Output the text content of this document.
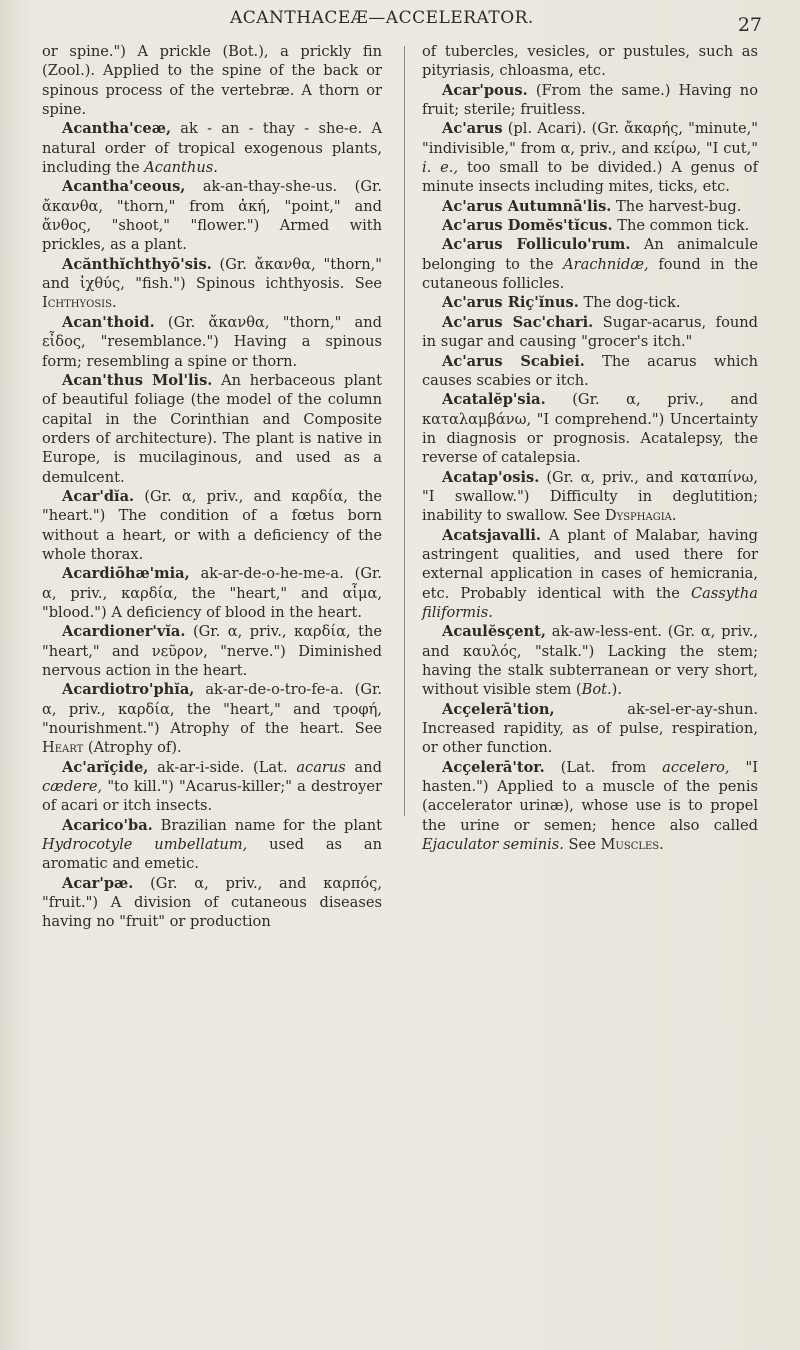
ACANTHACEÆ—ACCELERATOR.	27

or spine.") A prickle (Bot.), a prickly fin (Zool.). Applied to the spine of the back or spinous process of the vertebræ. A thorn or spine.

Acantha'ceæ, ak - an - thay - she-e. A natural order of tropical exogenous plants, including the Acanthus.

Acantha'ceous, ak-an-thay-she-us. (Gr. ἄκανθα, "thorn," from ἀκή, "point," and ἄνθος, "shoot," "flower.") Armed with prickles, as a plant.

Acănthĭchthyō'sis. (Gr. ἄκανθα, "thorn," and ἰχθύς, "fish.") Spinous ichthyosis. See Ichthyosis.

Acan'thoid. (Gr. ἄκανθα, "thorn," and εἶδος, "resemblance.") Having a spinous form; resembling a spine or thorn.

Acan'thus Mol'lis. An herbaceous plant of beautiful foliage (the model of the column capital in the Corinthian and Composite orders of architecture). The plant is native in Europe, is mucilaginous, and used as a demulcent.

Acar'dĭa. (Gr. α, priv., and καρδία, the "heart.") The condition of a fœtus born without a heart, or with a deficiency of the whole thorax.

Acardiōhæ'mia, ak-ar-de-o-he-me-a. (Gr. α, priv., καρδία, the "heart," and αἷμα, "blood.") A deficiency of blood in the heart.

Acardioner'vĭa. (Gr. α, priv., καρδία, the "heart," and νεῦρον, "nerve.") Diminished nervous action in the heart.

Acardiotro'phĭa, ak-ar-de-o-tro-fe-a. (Gr. α, priv., καρδία, the "heart," and τροφή, "nourishment.") Atrophy of the heart. See Heart (Atrophy of).

Ac'arĭçide, ak-ar-i-side. (Lat. acarus and cædere, "to kill.") "Acarus-killer;" a destroyer of acari or itch insects.

Acarico'ba. Brazilian name for the plant Hydrocotyle umbellatum, used as an aromatic and emetic.

Acar'pæ. (Gr. α, priv., and καρπός, "fruit.") A division of cutaneous diseases having no "fruit" or production

of tubercles, vesicles, or pustules, such as pityriasis, chloasma, etc.

Acar'pous. (From the same.) Having no fruit; sterile; fruitless.

Ac'arus (pl. Acari). (Gr. ἄκαρής, "minute," "indivisible," from α, priv., and κείρω, "I cut," i. e., too small to be divided.) A genus of minute insects including mites, ticks, etc.

Ac'arus Autumnā'lis. The harvest-bug.

Ac'arus Domĕs'tĭcus. The common tick.

Ac'arus Folliculo'rum. An animalcule belonging to the Arachnidæ, found in the cutaneous follicles.

Ac'arus Riç'ĭnus. The dog-tick.

Ac'arus Sac'chari. Sugar-acarus, found in sugar and causing "grocer's itch."

Ac'arus Scabiei. The acarus which causes scabies or itch.

Acatalĕp'sia. (Gr. α, priv., and καταλαμβάνω, "I comprehend.") Uncertainty in diagnosis or prognosis. Acatalepsy, the reverse of catalepsia.

Acatap'osis. (Gr. α, priv., and καταπίνω, "I swallow.") Difficulty in deglutition; inability to swallow. See Dysphagia.

Acatsjavalli. A plant of Malabar, having astringent qualities, and used there for external application in cases of hemicrania, etc. Probably identical with the Cassytha filiformis.

Acaulĕsçent, ak-aw-less-ent. (Gr. α, priv., and καυλός, "stalk.") Lacking the stem; having the stalk subterranean or very short, without visible stem (Bot.).

Acçelerā'tion, ak-sel-er-ay-shun. Increased rapidity, as of pulse, respiration, or other function.

Acçelerā'tor. (Lat. from accelero, "I hasten.") Applied to a muscle of the penis (accelerator urinæ), whose use is to propel the urine or semen; hence also called Ejaculator seminis. See Muscles.
